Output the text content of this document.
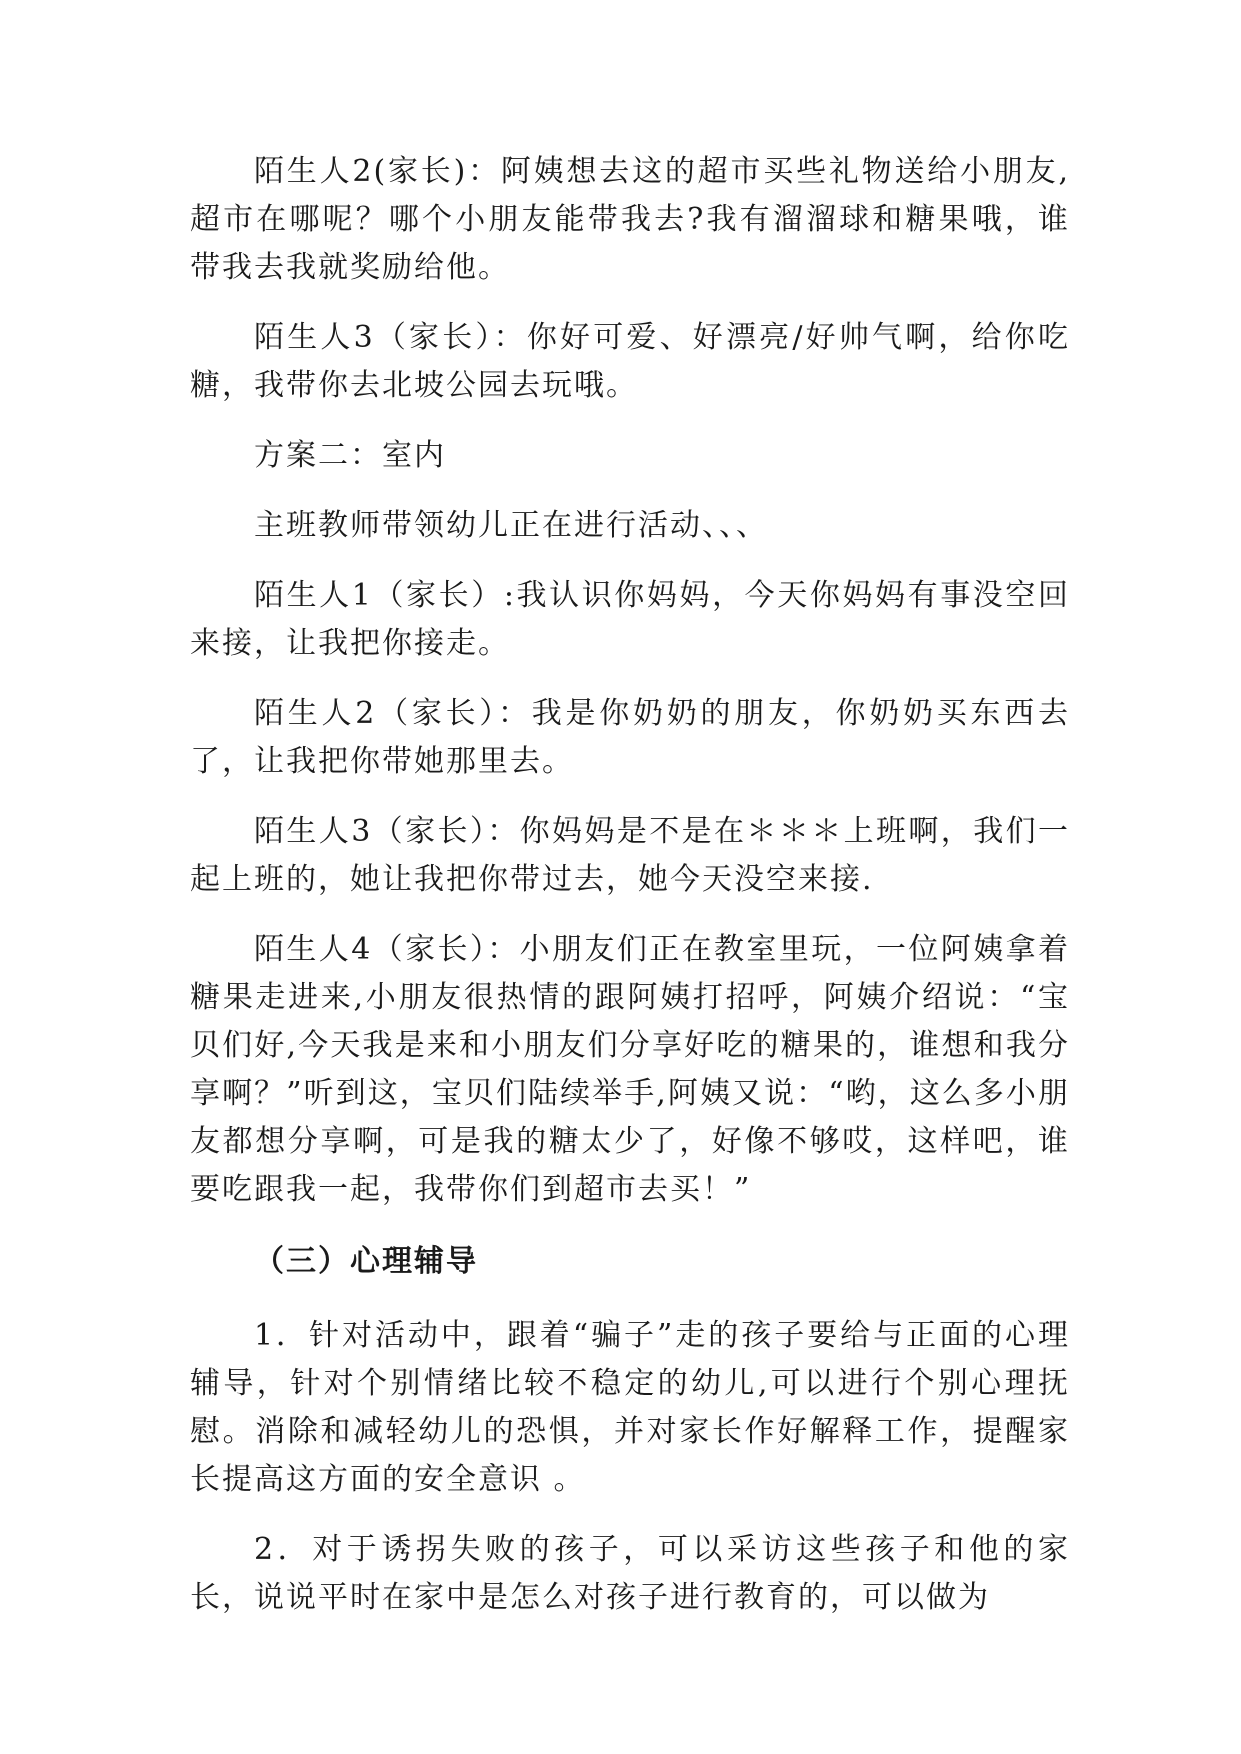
陌生人2(家长)：阿姨想去这的超市买些礼物送给小朋友,超市在哪呢？哪个小朋友能带我去?我有溜溜球和糖果哦，谁带我去我就奖励给他。

陌生人3（家长）：你好可爱、好漂亮/好帅气啊，给你吃糖，我带你去北坡公园去玩哦。

方案二：室内

主班教师带领幼儿正在进行活动、、、

陌生人1（家长）:我认识你妈妈，今天你妈妈有事没空回来接，让我把你接走。

陌生人2（家长）：我是你奶奶的朋友，你奶奶买东西去了，让我把你带她那里去。

陌生人3（家长）：你妈妈是不是在＊＊＊上班啊，我们一起上班的，她让我把你带过去，她今天没空来接.

陌生人4（家长）：小朋友们正在教室里玩，一位阿姨拿着糖果走进来,小朋友很热情的跟阿姨打招呼，阿姨介绍说：“宝贝们好,今天我是来和小朋友们分享好吃的糖果的，谁想和我分享啊？”听到这，宝贝们陆续举手,阿姨又说：“哟，这么多小朋友都想分享啊，可是我的糖太少了，好像不够哎，这样吧，谁要吃跟我一起，我带你们到超市去买！”

（三）心理辅导

1．针对活动中，跟着“骗子”走的孩子要给与正面的心理辅导，针对个别情绪比较不稳定的幼儿,可以进行个别心理抚慰。消除和减轻幼儿的恐惧，并对家长作好解释工作，提醒家长提高这方面的安全意识 。

2．对于诱拐失败的孩子，可以采访这些孩子和他的家长，说说平时在家中是怎么对孩子进行教育的，可以做为
